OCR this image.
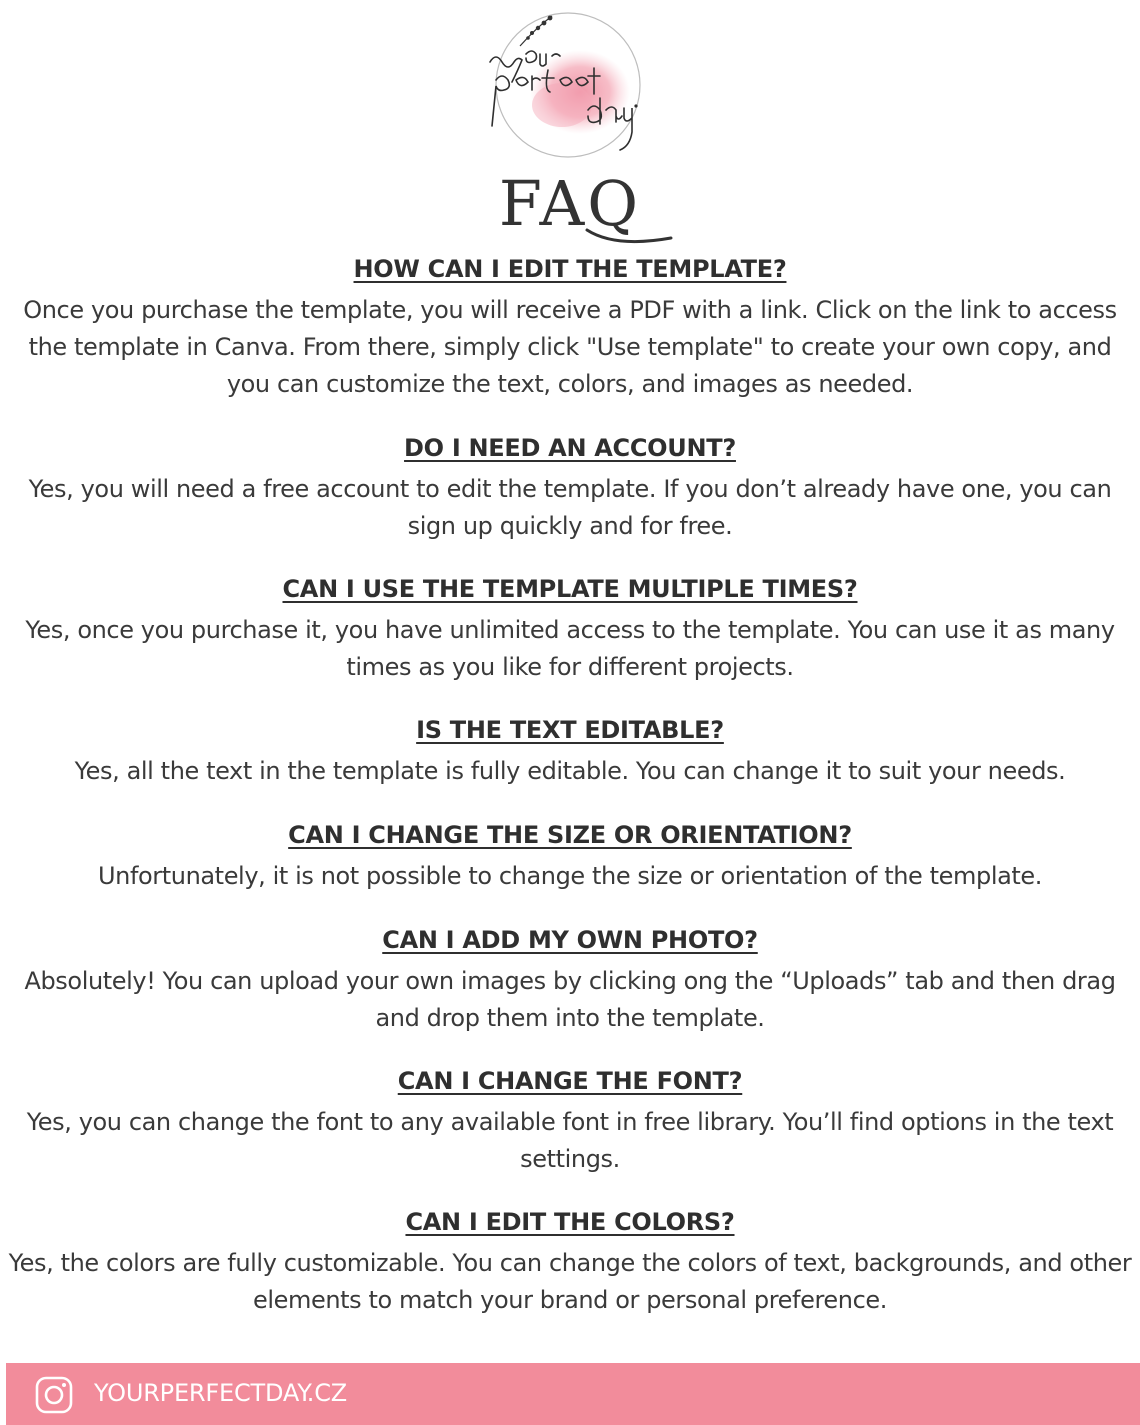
FAQ

HOW CAN I EDIT THE TEMPLATE?

Once you purchase the template, you will receive a PDF with a link. Click on the link to access the template in Canva. From there, simply click "Use template" to create your own copy, and you can customize the text, colors, and images as needed.

DO I NEED AN ACCOUNT?

Yes, you will need a free account to edit the template. If you don’t already have one, you can sign up quickly and for free.

CAN I USE THE TEMPLATE MULTIPLE TIMES?

Yes, once you purchase it, you have unlimited access to the template. You can use it as many times as you like for different projects.

IS THE TEXT EDITABLE?

Yes, all the text in the template is fully editable. You can change it to suit your needs.

CAN I CHANGE THE SIZE OR ORIENTATION?

Unfortunately, it is not possible to change the size or orientation of the template.

CAN I ADD MY OWN PHOTO?

Absolutely! You can upload your own images by clicking ong the “Uploads” tab and then drag and drop them into the template.

CAN I CHANGE THE FONT?

Yes, you can change the font to any available font in free library. You’ll find options in the text settings.

CAN I EDIT THE COLORS?

Yes, the colors are fully customizable. You can change the colors of text, backgrounds, and other elements to match your brand or personal preference.

YOURPERFECTDAY.CZ
